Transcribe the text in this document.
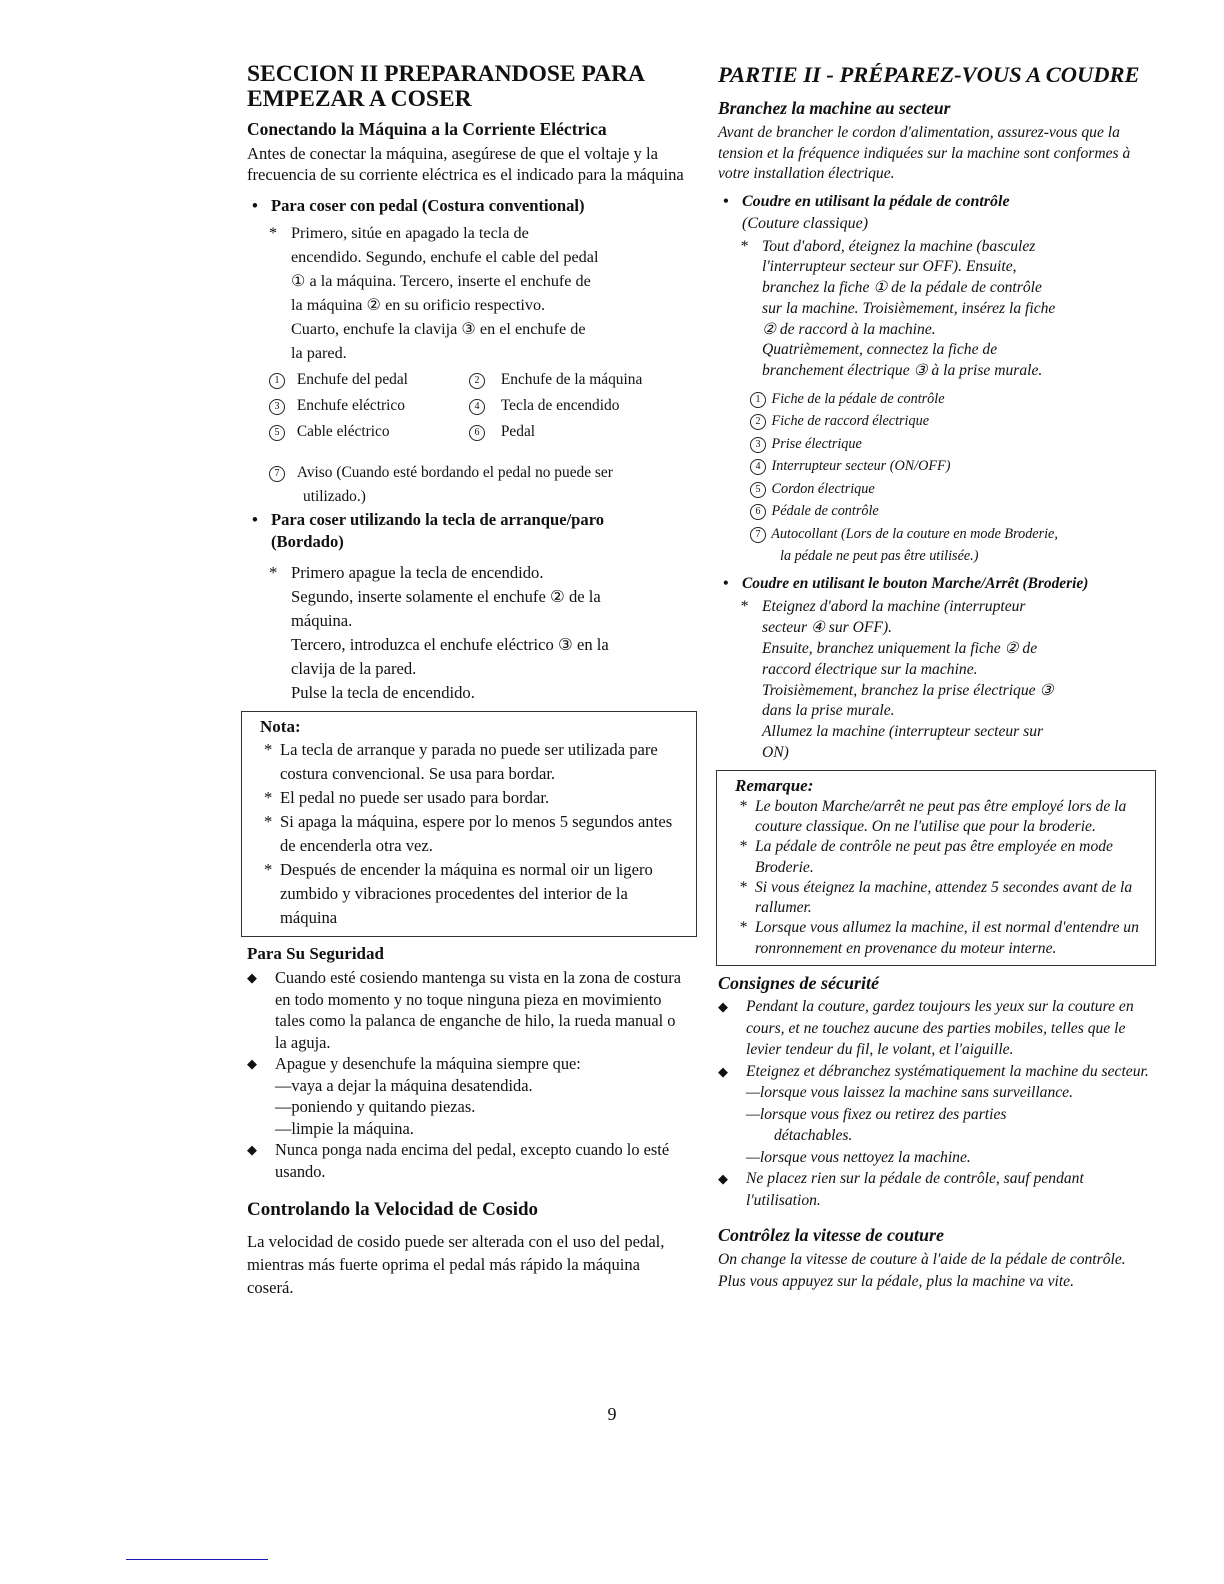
SECCION II PREPARANDOSE PARA EMPEZAR A COSER
Conectando la Máquina a la Corriente Eléctrica

Antes de conectar la máquina, asegúrese de que el voltaje y la frecuencia de su corriente eléctrica es el indicado para la máquina

• Para coser con pedal (Costura conventional)
* Primero, sitúe en apagado la tecla de
encendido. Segundo, enchufe el cable del pedal
① a la máquina. Tercero, inserte el enchufe de
la máquina ② en su orificio respectivo.
Cuarto, enchufe la clavija ③ en el enchufe de
la pared.
1 Enchufe del pedal	2 Enchufe de la máquina
3 Enchufe eléctrico	4 Tecla de encendido
5 Cable eléctrico	6 Pedal
7 Aviso (Cuando esté bordando el pedal no puede ser
utilizado.)
• Para coser utilizando la tecla de arranque/paro
(Bordado)
* Primero apague la tecla de encendido.
Segundo, inserte solamente el enchufe ② de la
máquina.
Tercero, introduzca el enchufe eléctrico ③ en la
clavija de la pared.
Pulse la tecla de encendido.
Nota:
* La tecla de arranque y parada no puede ser utilizada pare costura convencional. Se usa para bordar.
* El pedal no puede ser usado para bordar.
* Si apaga la máquina, espere por lo menos 5 segundos antes de encenderla otra vez.
* Después de encender la máquina es normal oir un ligero zumbido y vibraciones procedentes del interior de la máquina
Para Su Seguridad
◆ Cuando esté cosiendo mantenga su vista en la zona de costura en todo momento y no toque ninguna pieza en movimiento tales como la palanca de enganche de hilo, la rueda manual o la aguja.
◆ Apague y desenchufe la máquina siempre que:
—vaya a dejar la máquina desatendida.
—poniendo y quitando piezas.
—limpie la máquina.
◆ Nunca ponga nada encima del pedal, excepto cuando lo esté usando.
Controlando la Velocidad de Cosido
La velocidad de cosido puede ser alterada con el uso del pedal, mientras más fuerte oprima el pedal más rápido la máquina coserá.
PARTIE II - PRÉPAREZ-VOUS A COUDRE
Branchez la machine au secteur

Avant de brancher le cordon d'alimentation, assurez-vous que la tension et la fréquence indiquées sur la machine sont conformes à votre installation électrique.

• Coudre en utilisant la pédale de contrôle
(Couture classique)
* Tout d'abord, éteignez la machine (basculez
l'interrupteur secteur sur OFF). Ensuite,
branchez la fiche ① de la pédale de contrôle
sur la machine. Troisièmement, insérez la fiche
② de raccord à la machine.
Quatrièmement, connectez la fiche de
branchement électrique ③ à la prise murale.
1 Fiche de la pédale de contrôle
2 Fiche de raccord électrique
3 Prise électrique
4 Interrupteur secteur (ON/OFF)
5 Cordon électrique
6 Pédale de contrôle
7 Autocollant (Lors de la couture en mode Broderie,
la pédale ne peut pas être utilisée.)
• Coudre en utilisant le bouton Marche/Arrêt (Broderie)
* Eteignez d'abord la machine (interrupteur
secteur ④ sur OFF).
Ensuite, branchez uniquement la fiche ② de
raccord électrique sur la machine.
Troisièmement, branchez la prise électrique ③
dans la prise murale.
Allumez la machine (interrupteur secteur sur
ON)
Remarque:
* Le bouton Marche/arrêt ne peut pas être employé lors de la couture classique. On ne l'utilise que pour la broderie.
* La pédale de contrôle ne peut pas être employée en mode Broderie.
* Si vous éteignez la machine, attendez 5 secondes avant de la rallumer.
* Lorsque vous allumez la machine, il est normal d'entendre un ronronnement en provenance du moteur interne.
Consignes de sécurité
◆ Pendant la couture, gardez toujours les yeux sur la couture en cours, et ne touchez aucune des parties mobiles, telles que le levier tendeur du fil, le volant, et l'aiguille.
◆ Eteignez et débranchez systématiquement la machine du secteur.
—lorsque vous laissez la machine sans surveillance.
—lorsque vous fixez ou retirez des parties
détachables.
—lorsque vous nettoyez la machine.
◆ Ne placez rien sur la pédale de contrôle, sauf pendant l'utilisation.
Contrôlez la vitesse de couture
On change la vitesse de couture à l'aide de la pédale de contrôle. Plus vous appuyez sur la pédale, plus la machine va vite.
9
